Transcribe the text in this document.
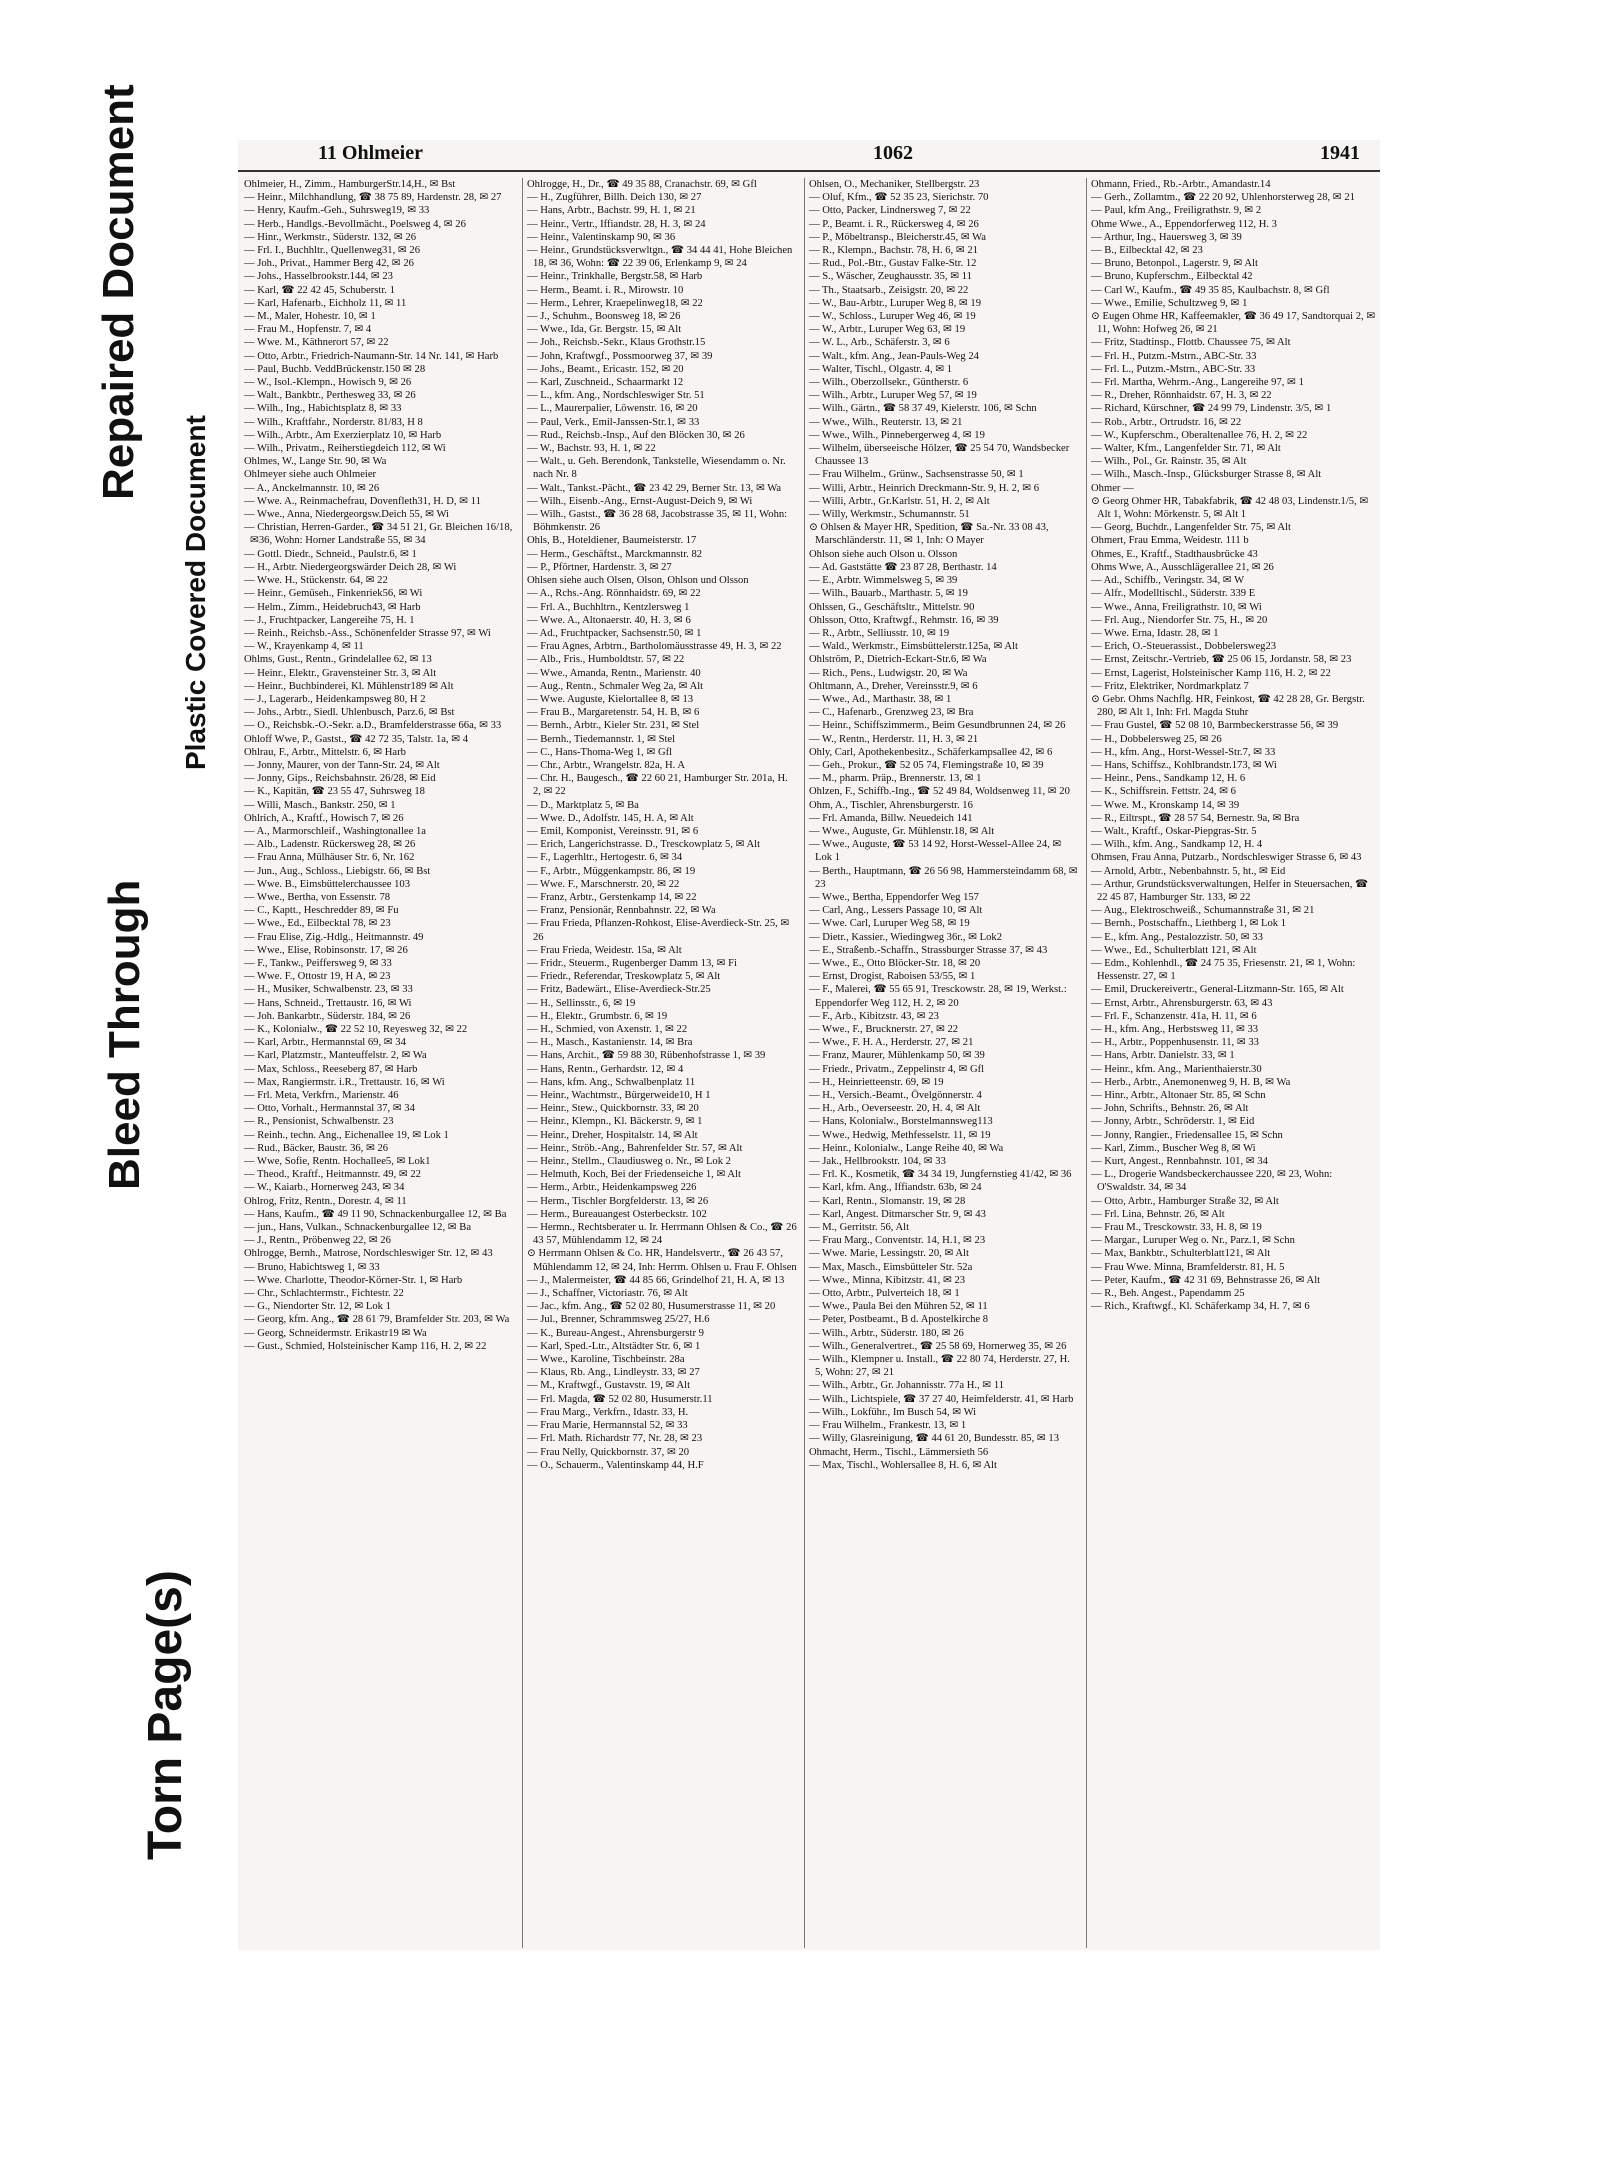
Torn Page(s)
Bleed Through
Repaired Document
Plastic Covered Document
11 Ohlmeier	1062	1941
Ohlmeier, H., Zimm., HamburgerStr.14,H., ✉ Bst
— Heinr., Milchhandlung, ☎ 38 75 89, Hardenstr. 28, ✉ 27
— Henry, Kaufm.-Geh., Suhrsweg19, ✉ 33
— Herb., Handlgs.-Bevollmächt., Poelsweg 4, ✉ 26
— Hinr., Werkmstr., Süderstr. 132, ✉ 26
— Frl. I., Buchhltr., Quellenweg31, ✉ 26
— Joh., Privat., Hammer Berg 42, ✉ 26
— Johs., Hasselbrookstr.144, ✉ 23
— Karl, ☎ 22 42 45, Schuberstr. 1
— Karl, Hafenarb., Eichholz 11, ✉ 11
— M., Maler, Hohestr. 10, ✉ 1
— Frau M., Hopfenstr. 7, ✉ 4
— Wwe. M., Käthnerort 57, ✉ 22
— Otto, Arbtr., Friedrich-Naumann-Str. 14 Nr. 141, ✉ Harb
— Paul, Buchb. VeddBrückenstr.150 ✉ 28
— W., Isol.-Klempn., Howisch 9, ✉ 26
— Walt., Bankbtr., Perthesweg 33, ✉ 26
— Wilh., Ing., Habichtsplatz 8, ✉ 33
— Wilh., Kraftfahr., Norderstr. 81/83, H 8
— Wilh., Arbtr., Am Exerzierplatz 10, ✉ Harb
— Wilh., Privatm., Reiherstiegdeich 112, ✉ Wi
Ohlmes, W., Lange Str. 90, ✉ Wa
Ohlmeyer siehe auch Ohlmeier
— A., Anckelmannstr. 10, ✉ 26
— Wwe. A., Reinmachefrau, Dovenfleth31, H. D, ✉ 11
— Wwe., Anna, Niedergeorgsw.Deich 55, ✉ Wi
— Christian, Herren-Garder., ☎ 34 51 21, Gr. Bleichen 16/18, ✉36, Wohn: Horner Landstraße 55, ✉ 34
— Gottl. Diedr., Schneid., Paulstr.6, ✉ 1
— H., Arbtr. Niedergeorgswärder Deich 28, ✉ Wi
— Wwe. H., Stückenstr. 64, ✉ 22
— Heinr., Gemüseh., Finkenriek56, ✉ Wi
— Helm., Zimm., Heidebruch43, ✉ Harb
— J., Fruchtpacker, Langereihe 75, H. 1
— Reinh., Reichsb.-Ass., Schönenfelder Strasse 97, ✉ Wi
— W., Krayenkamp 4, ✉ 11
Ohlms, Gust., Rentn., Grindelallee 62, ✉ 13
— Heinr., Elektr., Gravensteiner Str. 3, ✉ Alt
— Heinr., Buchbinderei, Kl. Mühlenstr189 ✉ Alt
— J., Lagerarb., Heidenkampsweg 80, H 2
— Johs., Arbtr., Siedl. Uhlenbusch, Parz.6, ✉ Bst
— O., Reichsbk.-O.-Sekr. a.D., Bramfelderstrasse 66a, ✉ 33
Ohloff Wwe, P., Gastst., ☎ 42 72 35, Talstr. 1a, ✉ 4
Ohlrau, F., Arbtr., Mittelstr. 6, ✉ Harb
— Jonny, Maurer, von der Tann-Str. 24, ✉ Alt
— Jonny, Gips., Reichsbahnstr. 26/28, ✉ Eid
— K., Kapitän, ☎ 23 55 47, Suhrsweg 18
— Willi, Masch., Bankstr. 250, ✉ 1
Ohlrich, A., Kraftf., Howisch 7, ✉ 26
— A., Marmorschleif., Washingtonallee 1a
— Alb., Ladenstr. Rückersweg 28, ✉ 26
— Frau Anna, Mülhäuser Str. 6, Nr. 162
— Jun., Aug., Schloss., Liebigstr. 66, ✉ Bst
— Wwe. B., Eimsbüttelerchaussee 103
— Wwe., Bertha, von Essenstr. 78
— C., Kaptt., Heschredder 89, ✉ Fu
— Wwe., Ed., Eilbecktal 78, ✉ 23
— Frau Elise, Zig.-Hdlg., Heitmannstr. 49
— Wwe., Elise, Robinsonstr. 17, ✉ 26
— F., Tankw., Peiffersweg 9, ✉ 33
— Wwe. F., Ottostr 19, H A, ✉ 23
— H., Musiker, Schwalbenstr. 23, ✉ 33
— Hans, Schneid., Trettaustr. 16, ✉ Wi
— Joh. Bankarbtr., Süderstr. 184, ✉ 26
— K., Kolonialw., ☎ 22 52 10, Reyesweg 32, ✉ 22
— Karl, Arbtr., Hermannstal 69, ✉ 34
— Karl, Platzmstr., Manteuffelstr. 2, ✉ Wa
— Max, Schloss., Reeseberg 87, ✉ Harb
— Max, Rangiermstr. i.R., Trettaustr. 16, ✉ Wi
— Frl. Meta, Verkfrn., Marienstr. 46
— Otto, Vorhalt., Hermannstal 37, ✉ 34
— R., Pensionist, Schwalbenstr. 23
— Reinh., techn. Ang., Eichenallee 19, ✉ Lok 1
— Rud., Bäcker, Baustr. 36, ✉ 26
— Wwe, Sofie, Rentn. Hochallee5, ✉ Lok1
— Theod., Kraftf., Heitmannstr. 49, ✉ 22
— W., Kaiarb., Hornerweg 243, ✉ 34
Ohlrog, Fritz, Rentn., Dorestr. 4, ✉ 11
— Hans, Kaufm., ☎ 49 11 90, Schnackenburgallee 12, ✉ Ba
— jun., Hans, Vulkan., Schnackenburgallee 12, ✉ Ba
— J., Rentn., Pröbenweg 22, ✉ 26
Ohlrogge, Bernh., Matrose, Nordschleswiger Str. 12, ✉ 43
— Bruno, Habichtsweg 1, ✉ 33
— Wwe. Charlotte, Theodor-Körner-Str. 1, ✉ Harb
— Chr., Schlachtermstr., Fichtestr. 22
— G., Niendorter Str. 12, ✉ Lok 1
— Georg, kfm. Ang., ☎ 28 61 79, Bramfelder Str. 203, ✉ Wa
— Georg, Schneidermstr. Erikastr19 ✉ Wa
— Gust., Schmied, Holsteinischer Kamp 116, H. 2, ✉ 22
Ohlrogge, H., Dr., ☎ 49 35 88, Cranachstr. 69, ✉ Gfl
— H., Zugführer, Billh. Deich 130, ✉ 27
— Hans, Arbtr., Bachstr. 99, H. 1, ✉ 21
— Heinr., Vertr., Iffiandstr. 28, H. 3, ✉ 24
— Heinr., Valentinskamp 90, ✉ 36
— Heinr., Grundstücksverwltgn., ☎ 34 44 41, Hohe Bleichen 18, ✉ 36, Wohn: ☎ 22 39 06, Erlenkamp 9, ✉ 24
— Heinr., Trinkhalle, Bergstr.58, ✉ Harb
— Herm., Beamt. i. R., Mirowstr. 10
— Herm., Lehrer, Kraepelinweg18, ✉ 22
— J., Schuhm., Boonsweg 18, ✉ 26
— Wwe., Ida, Gr. Bergstr. 15, ✉ Alt
— Joh., Reichsb.-Sekr., Klaus Grothstr.15
— John, Kraftwgf., Possmoorweg 37, ✉ 39
— Johs., Beamt., Ericastr. 152, ✉ 20
— Karl, Zuschneid., Schaarmarkt 12
— L., kfm. Ang., Nordschleswiger Str. 51
— L., Maurerpalier, Löwenstr. 16, ✉ 20
— Paul, Verk., Emil-Janssen-Str.1, ✉ 33
— Rud., Reichsb.-Insp., Auf den Blöcken 30, ✉ 26
— W., Bachstr. 93, H. 1, ✉ 22
— Walt., u. Geh. Berendonk, Tankstelle, Wiesendamm o. Nr. nach Nr. 8
— Walt., Tankst.-Pächt., ☎ 23 42 29, Berner Str. 13, ✉ Wa
— Wilh., Eisenb.-Ang., Ernst-August-Deich 9, ✉ Wi
— Wilh., Gastst., ☎ 36 28 68, Jacobstrasse 35, ✉ 11, Wohn: Böhmkenstr. 26
Ohls, B., Hoteldiener, Baumeisterstr. 17
— Herm., Geschäftst., Marckmannstr. 82
— P., Pförtner, Hardenstr. 3, ✉ 27
Ohlsen siehe auch Olsen, Olson, Ohlson und Olsson
— A., Rchs.-Ang. Rönnhaidstr. 69, ✉ 22
— Frl. A., Buchhltrn., Kentzlersweg 1
— Wwe. A., Altonaerstr. 40, H. 3, ✉ 6
— Ad., Fruchtpacker, Sachsenstr.50, ✉ 1
— Frau Agnes, Arbtrn., Bartholomäusstrasse 49, H. 3, ✉ 22
— Alb., Fris., Humboldtstr. 57, ✉ 22
— Wwe., Amanda, Rentn., Marienstr. 40
— Aug., Rentn., Schmaler Weg 2a, ✉ Alt
— Wwe. Auguste, Kielortallee 8, ✉ 13
— Frau B., Margaretenstr. 54, H. B, ✉ 6
— Bernh., Arbtr., Kieler Str. 231, ✉ Stel
— Bernh., Tiedemannstr. 1, ✉ Stel
— C., Hans-Thoma-Weg 1, ✉ Gfl
— Chr., Arbtr., Wrangelstr. 82a, H. A
— Chr. H., Baugesch., ☎ 22 60 21, Hamburger Str. 201a, H. 2, ✉ 22
— D., Marktplatz 5, ✉ Ba
— Wwe. D., Adolfstr. 145, H. A, ✉ Alt
— Emil, Komponist, Vereinsstr. 91, ✉ 6
— Erich, Langerichstrasse. D., Tresckowplatz 5, ✉ Alt
— F., Lagerhltr., Hertogestr. 6, ✉ 34
— F., Arbtr., Müggenkampstr. 86, ✉ 19
— Wwe. F., Marschnerstr. 20, ✉ 22
— Franz, Arbtr., Gerstenkamp 14, ✉ 22
— Franz, Pensionär, Rennbahnstr. 22, ✉ Wa
— Frau Frieda, Pflanzen-Rohkost, Elise-Averdieck-Str. 25, ✉ 26
— Frau Frieda, Weidestr. 15a, ✉ Alt
— Fridr., Steuerm., Rugenberger Damm 13, ✉ Fi
— Friedr., Referendar, Treskowplatz 5, ✉ Alt
— Fritz, Badewärt., Elise-Averdieck-Str.25
— H., Sellinsstr., 6, ✉ 19
— H., Elektr., Grumbstr. 6, ✉ 19
— H., Schmied, von Axenstr. 1, ✉ 22
— H., Masch., Kastanienstr. 14, ✉ Bra
— Hans, Archit., ☎ 59 88 30, Rübenhofstrasse 1, ✉ 39
— Hans, Rentn., Gerhardstr. 12, ✉ 4
— Hans, kfm. Ang., Schwalbenplatz 11
— Heinr., Wachtmstr., Bürgerweide10, H 1
— Heinr., Stew., Quickbornstr. 33, ✉ 20
— Heinr., Klempn., Kl. Bäckerstr. 9, ✉ 1
— Heinr., Dreher, Hospitalstr. 14, ✉ Alt
— Heinr., Ströb.-Ang., Bahrenfelder Str. 57, ✉ Alt
— Heinr., Stellm., Claudiusweg o. Nr., ✉ Lok 2
— Helmuth, Koch, Bei der Friedenseiche 1, ✉ Alt
— Herm., Arbtr., Heidenkampsweg 226
— Herm., Tischler Borgfelderstr. 13, ✉ 26
— Herm., Bureauangest Osterbeckstr. 102
— Hermn., Rechtsberater u. Ir. Herrmann Ohlsen & Co., ☎ 26 43 57, Mühlendamm 12, ✉ 24
⊙ Herrmann Ohlsen & Co. HR, Handelsvertr., ☎ 26 43 57, Mühlendamm 12, ✉ 24, Inh: Herrm. Ohlsen u. Frau F. Ohlsen
— J., Malermeister, ☎ 44 85 66, Grindelhof 21, H. A, ✉ 13
— J., Schaffner, Victoriastr. 76, ✉ Alt
— Jac., kfm. Ang., ☎ 52 02 80, Husumerstrasse 11, ✉ 20
— Jul., Brenner, Schrammsweg 25/27, H.6
— K., Bureau-Angest., Ahrensburgerstr 9
— Karl, Sped.-Ltr., Altstädter Str. 6, ✉ 1
— Wwe., Karoline, Tischbeinstr. 28a
— Klaus, Rb. Ang., Lindleystr. 33, ✉ 27
— M., Kraftwgf., Gustavstr. 19, ✉ Alt
— Frl. Magda, ☎ 52 02 80, Husumerstr.11
— Frau Marg., Verkfrn., Idastr. 33, H.
— Frau Marie, Hermannstal 52, ✉ 33
— Frl. Math. Richardstr 77, Nr. 28, ✉ 23
— Frau Nelly, Quickbornstr. 37, ✉ 20
— O., Schauerm., Valentinskamp 44, H.F
Ohlsen, O., Mechaniker, Stellbergstr. 23
— Oluf, Kfm., ☎ 52 35 23, Sierichstr. 70
— Otto, Packer, Lindnersweg 7, ✉ 22
— P., Beamt. i. R., Rückersweg 4, ✉ 26
— P., Möbeltransp., Bleicherstr.45, ✉ Wa
— R., Klempn., Bachstr. 78, H. 6, ✉ 21
— Rud., Pol.-Btr., Gustav Falke-Str. 12
— S., Wäscher, Zeughausstr. 35, ✉ 11
— Th., Staatsarb., Zeisigstr. 20, ✉ 22
— W., Bau-Arbtr., Luruper Weg 8, ✉ 19
— W., Schloss., Luruper Weg 46, ✉ 19
— W., Arbtr., Luruper Weg 63, ✉ 19
— W. L., Arb., Schäferstr. 3, ✉ 6
— Walt., kfm. Ang., Jean-Pauls-Weg 24
— Walter, Tischl., Olgastr. 4, ✉ 1
— Wilh., Oberzollsekr., Güntherstr. 6
— Wilh., Arbtr., Luruper Weg 57, ✉ 19
— Wilh., Gärtn., ☎ 58 37 49, Kielerstr. 106, ✉ Schn
— Wwe., Wilh., Reuterstr. 13, ✉ 21
— Wwe., Wilh., Pinnebergerweg 4, ✉ 19
— Wilhelm, überseeische Hölzer, ☎ 25 54 70, Wandsbecker Chaussee 13
— Frau Wilhelm., Grünw., Sachsenstrasse 50, ✉ 1
— Willi, Arbtr., Heinrich Dreckmann-Str. 9, H. 2, ✉ 6
— Willi, Arbtr., Gr.Karlstr. 51, H. 2, ✉ Alt
— Willy, Werkmstr., Schumannstr. 51
⊙ Ohlsen & Mayer HR, Spedition, ☎ Sa.-Nr. 33 08 43, Marschländerstr. 11, ✉ 1, Inh: O Mayer
Ohlson siehe auch Olson u. Olsson
— Ad. Gaststätte ☎ 23 87 28, Berthastr. 14
— E., Arbtr. Wimmelsweg 5, ✉ 39
— Wilh., Bauarb., Marthastr. 5, ✉ 19
Ohlssen, G., Geschäftsltr., Mittelstr. 90
Ohlsson, Otto, Kraftwgf., Rehmstr. 16, ✉ 39
— R., Arbtr., Selliusstr. 10, ✉ 19
— Wald., Werkmstr., Eimsbüttelerstr.125a, ✉ Alt
Ohlström, P., Dietrich-Eckart-Str.6, ✉ Wa
— Rich., Pens., Ludwigstr. 20, ✉ Wa
Ohltmann, A., Dreher, Vereinsstr.9, ✉ 6
— Wwe., Ad., Marthastr. 38, ✉ 1
— C., Hafenarb., Grenzweg 23, ✉ Bra
— Heinr., Schiffszimmerm., Beim Gesundbrunnen 24, ✉ 26
— W., Rentn., Herderstr. 11, H. 3, ✉ 21
Ohly, Carl, Apothekenbesitz., Schäferkampsallee 42, ✉ 6
— Geh., Prokur., ☎ 52 05 74, Flemingstraße 10, ✉ 39
— M., pharm. Präp., Brennerstr. 13, ✉ 1
Ohlzen, F., Schiffb.-Ing., ☎ 52 49 84, Woldsenweg 11, ✉ 20
Ohm, A., Tischler, Ahrensburgerstr. 16
— Frl. Amanda, Billw. Neuedeich 141
— Wwe., Auguste, Gr. Mühlenstr.18, ✉ Alt
— Wwe., Auguste, ☎ 53 14 92, Horst-Wessel-Allee 24, ✉ Lok 1
— Berth., Hauptmann, ☎ 26 56 98, Hammersteindamm 68, ✉ 23
— Wwe., Bertha, Eppendorfer Weg 157
— Carl, Ang., Lessers Passage 10, ✉ Alt
— Wwe. Carl, Luruper Weg 58, ✉ 19
— Dietr., Kassier., Wiedingweg 36r., ✉ Lok2
— E., Straßenb.-Schaffn., Strassburger Strasse 37, ✉ 43
— Wwe., E., Otto Blöcker-Str. 18, ✉ 20
— Ernst, Drogist, Raboisen 53/55, ✉ 1
— F., Malerei, ☎ 55 65 91, Tresckowstr. 28, ✉ 19, Werkst.: Eppendorfer Weg 112, H. 2, ✉ 20
— F., Arb., Kibitzstr. 43, ✉ 23
— Wwe., F., Brucknerstr. 27, ✉ 22
— Wwe., F. H. A., Herderstr. 27, ✉ 21
— Franz, Maurer, Mühlenkamp 50, ✉ 39
— Friedr., Privatm., Zeppelinstr 4, ✉ Gfl
— H., Heinrietteenstr. 69, ✉ 19
— H., Versich.-Beamt., Övelgönnerstr. 4
— H., Arb., Oeverseestr. 20, H. 4, ✉ Alt
— Hans, Kolonialw., Borstelmannsweg113
— Wwe., Hedwig, Methfesselstr. 11, ✉ 19
— Heinr., Kolonialw., Lange Reihe 40, ✉ Wa
— Jak., Hellbrookstr. 104, ✉ 33
— Frl. K., Kosmetik, ☎ 34 34 19, Jungfernstieg 41/42, ✉ 36
— Karl, kfm. Ang., Iffiandstr. 63b, ✉ 24
— Karl, Rentn., Slomanstr. 19, ✉ 28
— Karl, Angest. Ditmarscher Str. 9, ✉ 43
— M., Gerritstr. 56, Alt
— Frau Marg., Conventstr. 14, H.1, ✉ 23
— Wwe. Marie, Lessingstr. 20, ✉ Alt
— Max, Masch., Eimsbütteler Str. 52a
— Wwe., Minna, Kibitzstr. 41, ✉ 23
— Otto, Arbtr., Pulverteich 18, ✉ 1
— Wwe., Paula Bei den Mühren 52, ✉ 11
— Peter, Postbeamt., B d. Apostelkirche 8
— Wilh., Arbtr., Süderstr. 180, ✉ 26
— Wilh., Generalvertret., ☎ 25 58 69, Hornerweg 35, ✉ 26
— Wilh., Klempner u. Install., ☎ 22 80 74, Herderstr. 27, H. 5, Wohn: 27, ✉ 21
— Wilh., Arbtr., Gr. Johannisstr. 77a H., ✉ 11
— Wilh., Lichtspiele, ☎ 37 27 40, Heimfelderstr. 41, ✉ Harb
— Wilh., Lokführ., Im Busch 54, ✉ Wi
— Frau Wilhelm., Frankestr. 13, ✉ 1
— Willy, Glasreinigung, ☎ 44 61 20, Bundesstr. 85, ✉ 13
Ohmacht, Herm., Tischl., Lämmersieth 56
— Max, Tischl., Wohlersallee 8, H. 6, ✉ Alt
Ohmann, Fried., Rb.-Arbtr., Amandastr.14
— Gerh., Zollamtm., ☎ 22 20 92, Uhlenhorsterweg 28, ✉ 21
— Paul, kfm Ang., Freiligrathstr. 9, ✉ 2
Ohme Wwe., A., Eppendorferweg 112, H. 3
— Arthur, Ing., Hauersweg 3, ✉ 39
— B., Eilbecktal 42, ✉ 23
— Bruno, Betonpol., Lagerstr. 9, ✉ Alt
— Bruno, Kupferschm., Eilbecktal 42
— Carl W., Kaufm., ☎ 49 35 85, Kaulbachstr. 8, ✉ Gfl
— Wwe., Emilie, Schultzweg 9, ✉ 1
⊙ Eugen Ohme HR, Kaffeemakler, ☎ 36 49 17, Sandtorquai 2, ✉ 11, Wohn: Hofweg 26, ✉ 21
— Fritz, Stadtinsp., Flottb. Chaussee 75, ✉ Alt
— Frl. H., Putzm.-Mstrn., ABC-Str. 33
— Frl. L., Putzm.-Mstrn., ABC-Str. 33
— Frl. Martha, Wehrm.-Ang., Langereihe 97, ✉ 1
— R., Dreher, Rönnhaidstr. 67, H. 3, ✉ 22
— Richard, Kürschner, ☎ 24 99 79, Lindenstr. 3/5, ✉ 1
— Rob., Arbtr., Ortrudstr. 16, ✉ 22
— W., Kupferschm., Oberaltenallee 76, H. 2, ✉ 22
— Walter, Kfm., Langenfelder Str. 71, ✉ Alt
— Wilh., Pol., Gr. Rainstr. 35, ✉ Alt
— Wilh., Masch.-Insp., Glücksburger Strasse 8, ✉ Alt
Ohmer —
⊙ Georg Ohmer HR, Tabakfabrik, ☎ 42 48 03, Lindenstr.1/5, ✉ Alt 1, Wohn: Mörkenstr. 5, ✉ Alt 1
— Georg, Buchdr., Langenfelder Str. 75, ✉ Alt
Ohmert, Frau Emma, Weidestr. 111 b
Ohmes, E., Kraftf., Stadthausbrücke 43
Ohms Wwe, A., Ausschlägerallee 21, ✉ 26
— Ad., Schiffb., Veringstr. 34, ✉ W
— Alfr., Modelltischl., Süderstr. 339 E
— Wwe., Anna, Freiligrathstr. 10, ✉ Wi
— Frl. Aug., Niendorfer Str. 75, H., ✉ 20
— Wwe. Erna, Idastr. 28, ✉ 1
— Erich, O.-Steuerassist., Dobbelersweg23
— Ernst, Zeitschr.-Vertrieb, ☎ 25 06 15, Jordanstr. 58, ✉ 23
— Ernst, Lagerist, Holsteinischer Kamp 116, H. 2, ✉ 22
— Fritz, Elektriker, Nordmarkplatz 7
⊙ Gebr. Ohms Nachflg. HR, Feinkost, ☎ 42 28 28, Gr. Bergstr. 280, ✉ Alt 1, Inh: Frl. Magda Stuhr
— Frau Gustel, ☎ 52 08 10, Barmbeckerstrasse 56, ✉ 39
— H., Dobbelersweg 25, ✉ 26
— H., kfm. Ang., Horst-Wessel-Str.7, ✉ 33
— Hans, Schiffsz., Kohlbrandstr.173, ✉ Wi
— Heinr., Pens., Sandkamp 12, H. 6
— K., Schiffsrein. Fettstr. 24, ✉ 6
— Wwe. M., Kronskamp 14, ✉ 39
— R., Eiltrspt., ☎ 28 57 54, Bernestr. 9a, ✉ Bra
— Walt., Kraftf., Oskar-Piepgras-Str. 5
— Wilh., kfm. Ang., Sandkamp 12, H. 4
Ohmsen, Frau Anna, Putzarb., Nordschleswiger Strasse 6, ✉ 43
— Arnold, Arbtr., Nebenbahnstr. 5, ht., ✉ Eid
— Arthur, Grundstücksverwaltungen, Helfer in Steuersachen, ☎ 22 45 87, Hamburger Str. 133, ✉ 22
— Aug., Elektroschweiß., Schumannstraße 31, ✉ 21
— Bernh., Postschaffn., Liethberg 1, ✉ Lok 1
— E., kfm. Ang., Pestalozzistr. 50, ✉ 33
— Wwe., Ed., Schulterblatt 121, ✉ Alt
— Edm., Kohlenhdl., ☎ 24 75 35, Friesenstr. 21, ✉ 1, Wohn: Hessenstr. 27, ✉ 1
— Emil, Druckereivertr., General-Litzmann-Str. 165, ✉ Alt
— Ernst, Arbtr., Ahrensburgerstr. 63, ✉ 43
— Frl. F., Schanzenstr. 41a, H. 11, ✉ 6
— H., kfm. Ang., Herbstsweg 11, ✉ 33
— H., Arbtr., Poppenhusenstr. 11, ✉ 33
— Hans, Arbtr. Danielstr. 33, ✉ 1
— Heinr., kfm. Ang., Marienthaierstr.30
— Herb., Arbtr., Anemonenweg 9, H. B, ✉ Wa
— Hinr., Arbtr., Altonaer Str. 85, ✉ Schn
— John, Schrifts., Behnstr. 26, ✉ Alt
— Jonny, Arbtr., Schröderstr. 1, ✉ Eid
— Jonny, Rangier., Friedensallee 15, ✉ Schn
— Karl, Zimm., Buscher Weg 8, ✉ Wi
— Kurt, Angest., Rennbahnstr. 101, ✉ 34
— L., Drogerie Wandsbeckerchaussee 220, ✉ 23, Wohn: O'Swaldstr. 34, ✉ 34
— Otto, Arbtr., Hamburger Straße 32, ✉ Alt
— Frl. Lina, Behnstr. 26, ✉ Alt
— Frau M., Tresckowstr. 33, H. 8, ✉ 19
— Margar., Luruper Weg o. Nr., Parz.1, ✉ Schn
— Max, Bankbtr., Schulterblatt121, ✉ Alt
— Frau Wwe. Minna, Bramfelderstr. 81, H. 5
— Peter, Kaufm., ☎ 42 31 69, Behnstrasse 26, ✉ Alt
— R., Beh. Angest., Papendamm 25
— Rich., Kraftwgf., Kl. Schäferkamp 34, H. 7, ✉ 6
